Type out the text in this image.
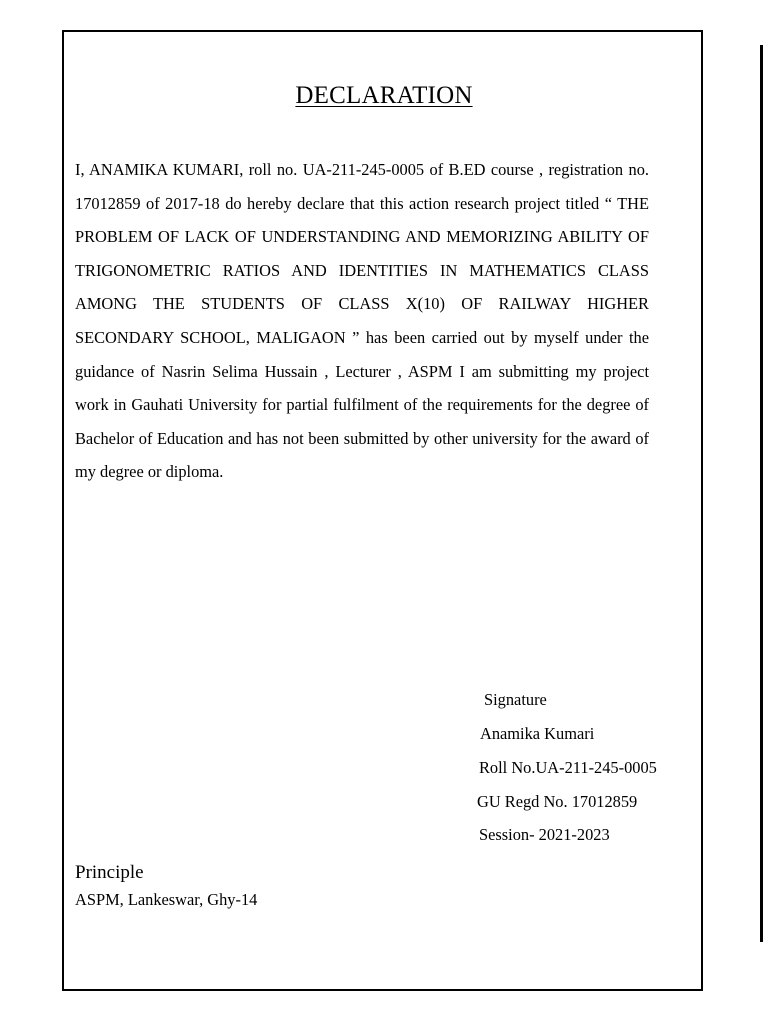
DECLARATION

I, ANAMIKA KUMARI, roll no. UA-211-245-0005 of B.ED course , registration no. 17012859 of 2017-18 do hereby declare that this action research project titled “ THE PROBLEM OF LACK OF UNDERSTANDING AND MEMORIZING ABILITY OF TRIGONOMETRIC RATIOS AND IDENTITIES IN MATHEMATICS CLASS AMONG THE STUDENTS OF CLASS X(10) OF RAILWAY HIGHER SECONDARY SCHOOL, MALIGAON ” has been carried out by myself under the guidance of Nasrin Selima Hussain , Lecturer , ASPM I am submitting my project work in Gauhati University for partial fulfilment of the requirements for the degree of Bachelor of Education and has not been submitted by other university for the award of my degree or diploma.

Signature
Anamika Kumari
Roll No.UA-211-245-0005
GU Regd No. 17012859
Session- 2021-2023
Principle
ASPM, Lankeswar, Ghy-14
